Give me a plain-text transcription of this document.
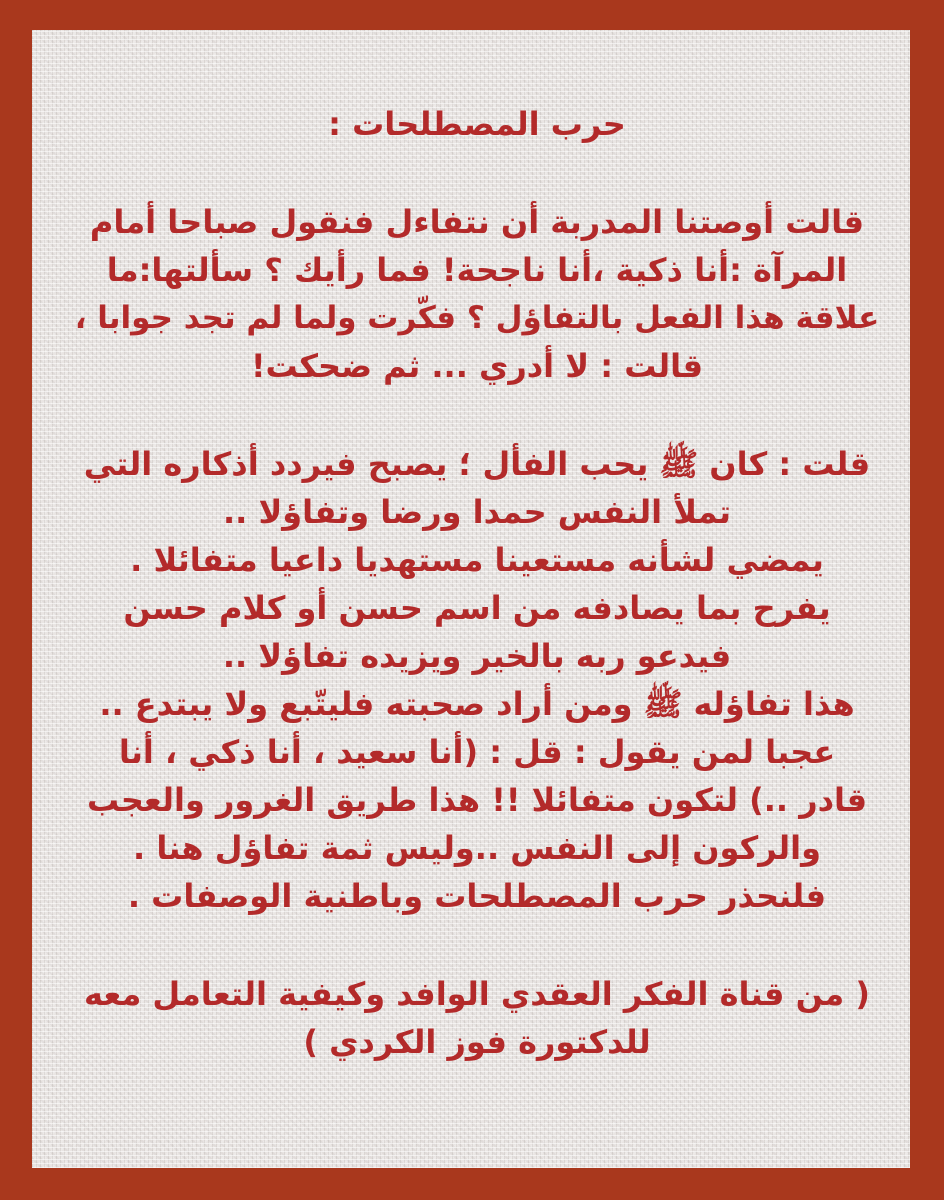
حرب المصطلحات :

قالت أوصتنا المدربة أن نتفاءل فنقول صباحا أمام
المرآة :أنا ذكية ،أنا ناجحة! فما رأيك ؟ سألتها:ما
علاقة هذا الفعل بالتفاؤل ؟ فكّرت ولما لم تجد جوابا ،
قالت : لا أدري ... ثم ضحكت!

قلت : كان ﷺ يحب الفأل ؛ يصبح فيردد أذكاره التي
تملأ النفس حمدا ورضا وتفاؤلا ..
يمضي لشأنه مستعينا مستهديا داعيا متفائلا .
يفرح بما يصادفه من اسم حسن أو كلام حسن
فيدعو ربه بالخير ويزيده تفاؤلا ..
هذا تفاؤله ﷺ ومن أراد صحبته فليتّبع ولا يبتدع ..
عجبا لمن يقول : قل : (أنا سعيد ، أنا ذكي ، أنا
قادر ..) لتكون متفائلا !! هذا طريق الغرور والعجب
والركون إلى النفس ..وليس ثمة تفاؤل هنا .
فلنحذر حرب المصطلحات وباطنية الوصفات .

( من قناة الفكر العقدي الوافد وكيفية التعامل معه
للدكتورة فوز الكردي )
